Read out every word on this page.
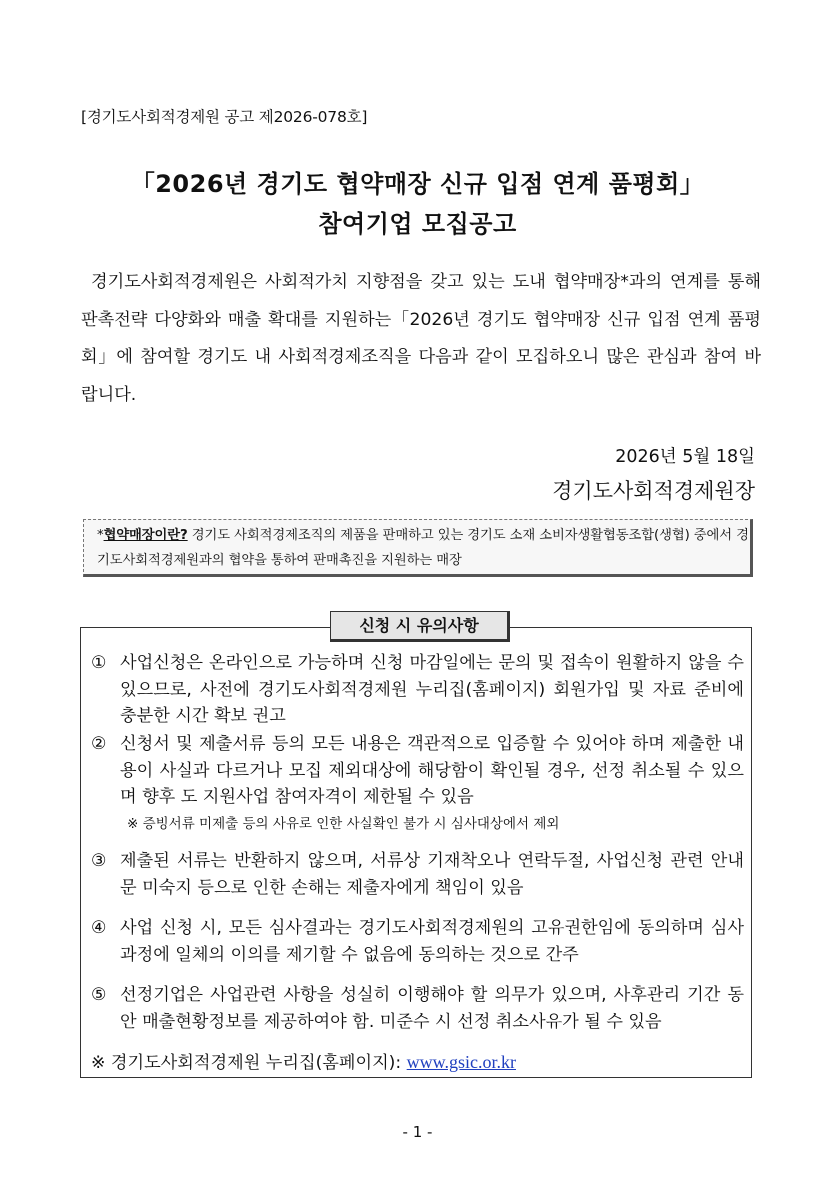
[경기도사회적경제원 공고 제2026-078호]
「2026년 경기도 협약매장 신규 입점 연계 품평회」
참여기업 모집공고
경기도사회적경제원은 사회적가치 지향점을 갖고 있는 도내 협약매장*과의 연계를 통해 판촉전략 다양화와 매출 확대를 지원하는「2026년 경기도 협약매장 신규 입점 연계 품평회」에 참여할 경기도 내 사회적경제조직을 다음과 같이 모집하오니 많은 관심과 참여 바랍니다.
2026년 5월 18일
경기도사회적경제원장
*협약매장이란? 경기도 사회적경제조직의 제품을 판매하고 있는 경기도 소재 소비자생활협동조합(생협) 중에서 경기도사회적경제원과의 협약을 통하여 판매촉진을 지원하는 매장
신청 시 유의사항
① 사업신청은 온라인으로 가능하며 신청 마감일에는 문의 및 접속이 원활하지 않을 수 있으므로, 사전에 경기도사회적경제원 누리집(홈페이지) 회원가입 및 자료 준비에 충분한 시간 확보 권고
② 신청서 및 제출서류 등의 모든 내용은 객관적으로 입증할 수 있어야 하며 제출한 내용이 사실과 다르거나 모집 제외대상에 해당함이 확인될 경우, 선정 취소될 수 있으며 향후 도 지원사업 참여자격이 제한될 수 있음
※ 증빙서류 미제출 등의 사유로 인한 사실확인 불가 시 심사대상에서 제외
③ 제출된 서류는 반환하지 않으며, 서류상 기재착오나 연락두절, 사업신청 관련 안내문 미숙지 등으로 인한 손해는 제출자에게 책임이 있음
④ 사업 신청 시, 모든 심사결과는 경기도사회적경제원의 고유권한임에 동의하며 심사과정에 일체의 이의를 제기할 수 없음에 동의하는 것으로 간주
⑤ 선정기업은 사업관련 사항을 성실히 이행해야 할 의무가 있으며, 사후관리 기간 동안 매출현황정보를 제공하여야 함. 미준수 시 선정 취소사유가 될 수 있음
※ 경기도사회적경제원 누리집(홈페이지): www.gsic.or.kr
- 1 -
